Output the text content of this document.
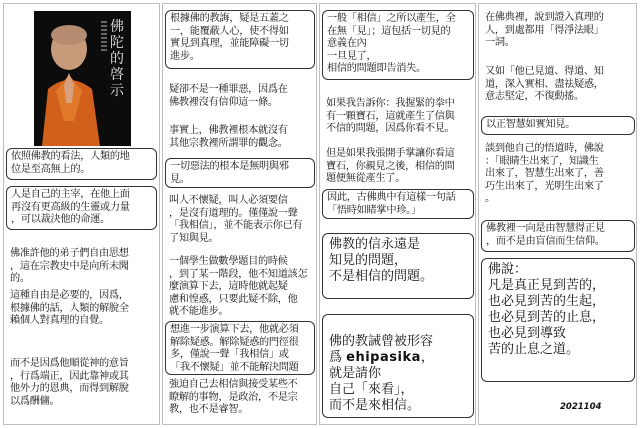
佛
陀
的
啓
示
依照佛教的看法，人類的地
位是至高無上的。
人是自己的主宰，在他上面
再沒有更高級的生靈或力量
，可以裁決他的命運。
佛准許他的弟子們自由思想
，這在宗教史中是向所未聞
的。
這種自由是必要的，因爲，
根據佛的話，人類的解脫全
賴個人對真理的自覺。
而不是因爲他順從神的意旨
，行爲端正，因此靠神或其
他外力的恩典，而得到解脫
以爲酬傭。
根據佛的教誨，疑是五蓋之
一，能覆蔽人心，使不得如
實見到真理，並能障礙一切
進步。
疑卻不是一種罪惡，因爲在
佛教裡沒有信仰這一條。
事實上，佛教裡根本就沒有
其他宗教裡所謂罪的觀念。
一切惡法的根本是無明與邪
見。
叫人不懷疑，叫人必須要信
，是沒有道理的。僅僅說一聲
「我相信」，並不能表示你已有
了知與見。
一個學生做數學題目的時候
，到了某一階段，他不知道該怎
麼演算下去，這時他就起疑
慮和惶惑，只要此疑不除，他
就不能進步。
想進一步演算下去，他就必須
解除疑惑。解除疑惑的門徑很
多，僅說一聲「我相信」或
「我不懷疑」並不能解決問題
強迫自己去相信與接受某些不
瞭解的事物，是政治，不是宗
教，也不是睿智。
一般「相信」之所以產生，全
在無「見」；這包括一切見的
意義在內
一旦見了，
相信的問題即告消失。
如果我告訴你：我握緊的拳中
有一顆寶石，這就產生了信與
不信的問題，因爲你看不見。
但是如果我張開手掌讓你看這
寶石，你親見之後，相信的問
題便無從產生了。
因此，古佛典中有這樣一句話
「悟時如睹掌中珍。」
佛教的信永遠是
知見的問題，
不是相信的問題。

佛的教誡曾被形容
爲 ehipasika，
就是請你
自己「來看」，
而不是來相信。

在佛典裡，說到證入真理的
人，到處都用「得淨法眼」
一詞。
又如「他已見道、得道、知
道，深入實相、盡祛疑惑，
意志堅定，不復動搖。
以正智慧如實知見。
談到他自己的悟道時，佛說
：「眼睛生出來了，知識生
出來了，智慧生出來了，善
巧生出來了，光明生出來了
。
佛教裡一向是由智慧得正見
，而不是由盲信而生信仰。
佛說：
凡是真正見到苦的，
也必見到苦的生起，
也必見到苦的止息，
也必見到導致
苦的止息之道。
2021104
